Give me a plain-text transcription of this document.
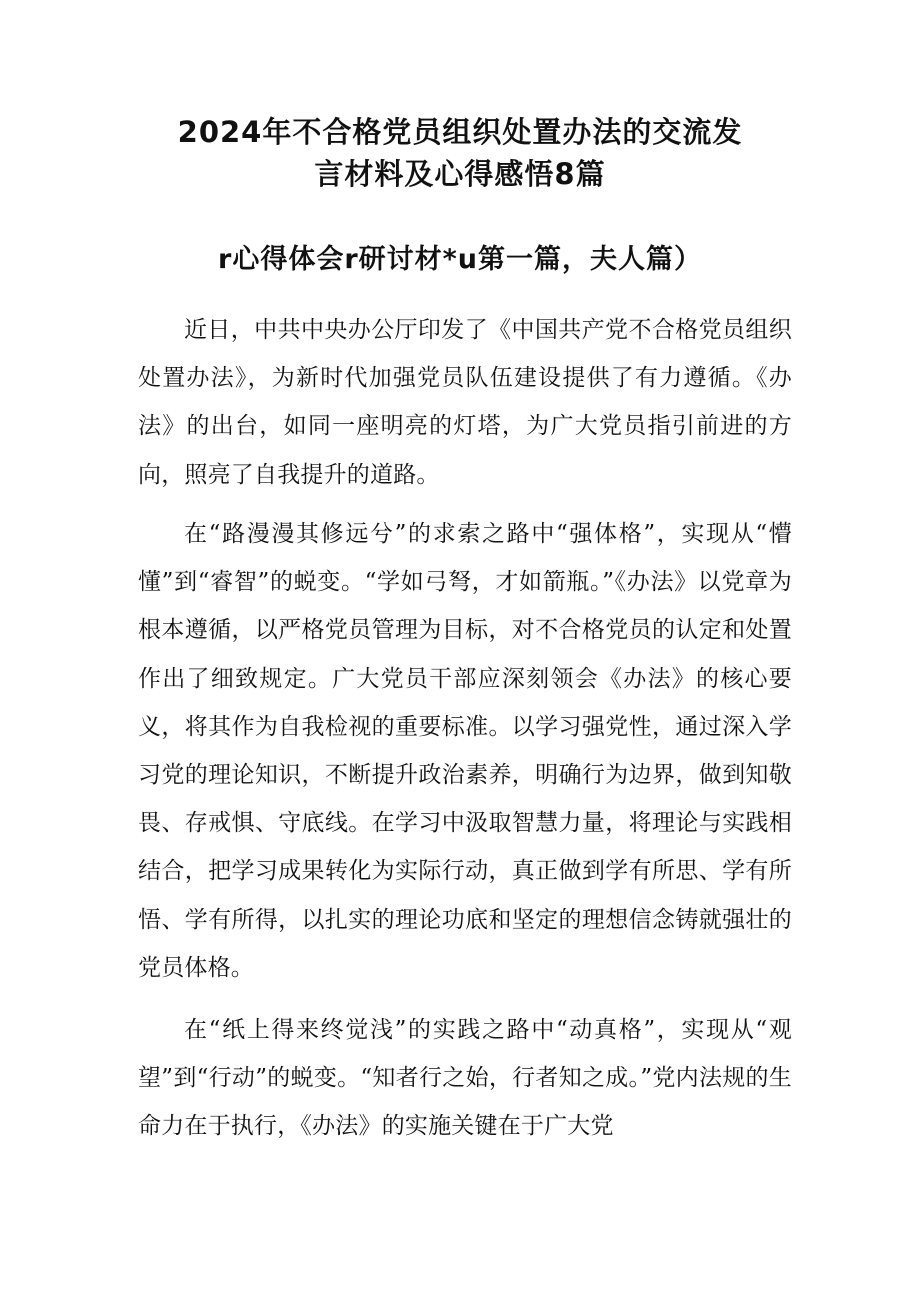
2024年不合格党员组织处置办法的交流发
言材料及心得感悟8篇
r心得体会r研讨材*u第一篇，夫人篇）

近日，中共中央办公厅印发了《中国共产党不合格党员组织处置办法》，为新时代加强党员队伍建设提供了有力遵循。《办法》的出台，如同一座明亮的灯塔，为广大党员指引前进的方向，照亮了自我提升的道路。

在“路漫漫其修远兮”的求索之路中“强体格”，实现从“懵懂”到“睿智”的蜕变。“学如弓弩，才如箭瓶。”《办法》以党章为根本遵循，以严格党员管理为目标，对不合格党员的认定和处置作出了细致规定。广大党员干部应深刻领会《办法》的核心要义，将其作为自我检视的重要标准。以学习强党性，通过深入学习党的理论知识，不断提升政治素养，明确行为边界，做到知敬畏、存戒惧、守底线。在学习中汲取智慧力量，将理论与实践相结合，把学习成果转化为实际行动，真正做到学有所思、学有所悟、学有所得，以扎实的理论功底和坚定的理想信念铸就强壮的党员体格。

在“纸上得来终觉浅”的实践之路中“动真格”，实现从“观望”到“行动”的蜕变。“知者行之始，行者知之成。”党内法规的生命力在于执行，《办法》的实施关键在于广大党
